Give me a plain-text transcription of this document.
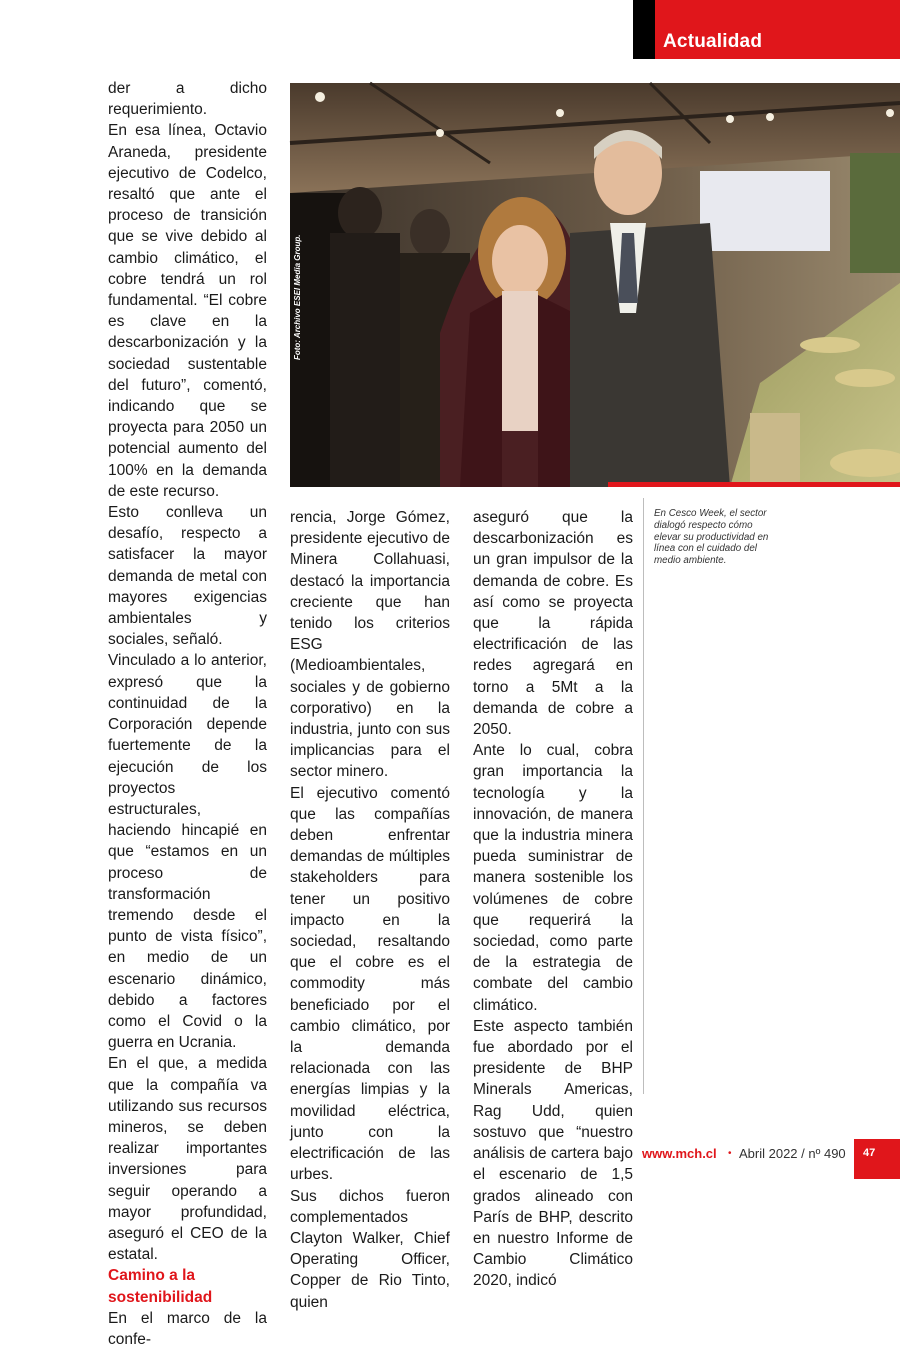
Actualidad

der a dicho requerimiento.

En esa línea, Octavio Araneda, presidente ejecutivo de Codelco, resaltó que ante el proceso de transición que se vive debido al cambio climático, el cobre tendrá un rol fundamental. “El cobre es clave en la descarbonización y la sociedad sustentable del futuro”, comentó, indicando que se proyecta para 2050 un potencial aumento del 100% en la demanda de este recurso.

Esto conlleva un desafío, respecto a satisfacer la mayor demanda de metal con mayores exigencias ambientales y sociales, señaló.

Vinculado a lo anterior, expresó que la continuidad de la Corporación depende fuertemente de la ejecución de los proyectos estructurales, haciendo hincapié en que “estamos en un proceso de transformación tremendo desde el punto de vista físico”, en medio de un escenario dinámico, debido a factores como el Covid o la guerra en Ucrania.

En el que, a medida que la compañía va utilizando sus recursos mineros, se deben realizar importantes inversiones para seguir operando a mayor profundidad, aseguró el CEO de la estatal.

Camino a la
sostenibilidad

En el marco de la confe-

Foto: Archivo ESEI Media Group.

rencia, Jorge Gómez, presidente ejecutivo de Minera Collahuasi, destacó la importancia creciente que han tenido los criterios ESG (Medioambientales, sociales y de gobierno corporativo) en la industria, junto con sus implicancias para el sector minero.

El ejecutivo comentó que las compañías deben enfrentar demandas de múltiples stakeholders para tener un positivo impacto en la sociedad, resaltando que el cobre es el commodity más beneficiado por el cambio climático, por la demanda relacionada con las energías limpias y la movilidad eléctrica, junto con la electrificación de las urbes.

Sus dichos fueron complementados Clayton Walker, Chief Operating Officer, Copper de Rio Tinto, quien

aseguró que la descarbonización es un gran impulsor de la demanda de cobre. Es así como se proyecta que la rápida electrificación de las redes agregará en torno a 5Mt a la demanda de cobre a 2050.

Ante lo cual, cobra gran importancia la tecnología y la innovación, de manera que la industria minera pueda suministrar de manera sostenible los volúmenes de cobre que requerirá la sociedad, como parte de la estrategia de combate del cambio climático.

Este aspecto también fue abordado por el presidente de BHP Minerals Americas, Rag Udd, quien sostuvo que “nuestro análisis de cartera bajo el escenario de 1,5 grados alineado con París de BHP, descrito en nuestro Informe de Cambio Climático 2020, indicó

En Cesco Week, el sector dialogó respecto cómo elevar su productividad en línea con el cuidado del medio ambiente.
www.mch.cl • Abril 2022 / nº 490 47
